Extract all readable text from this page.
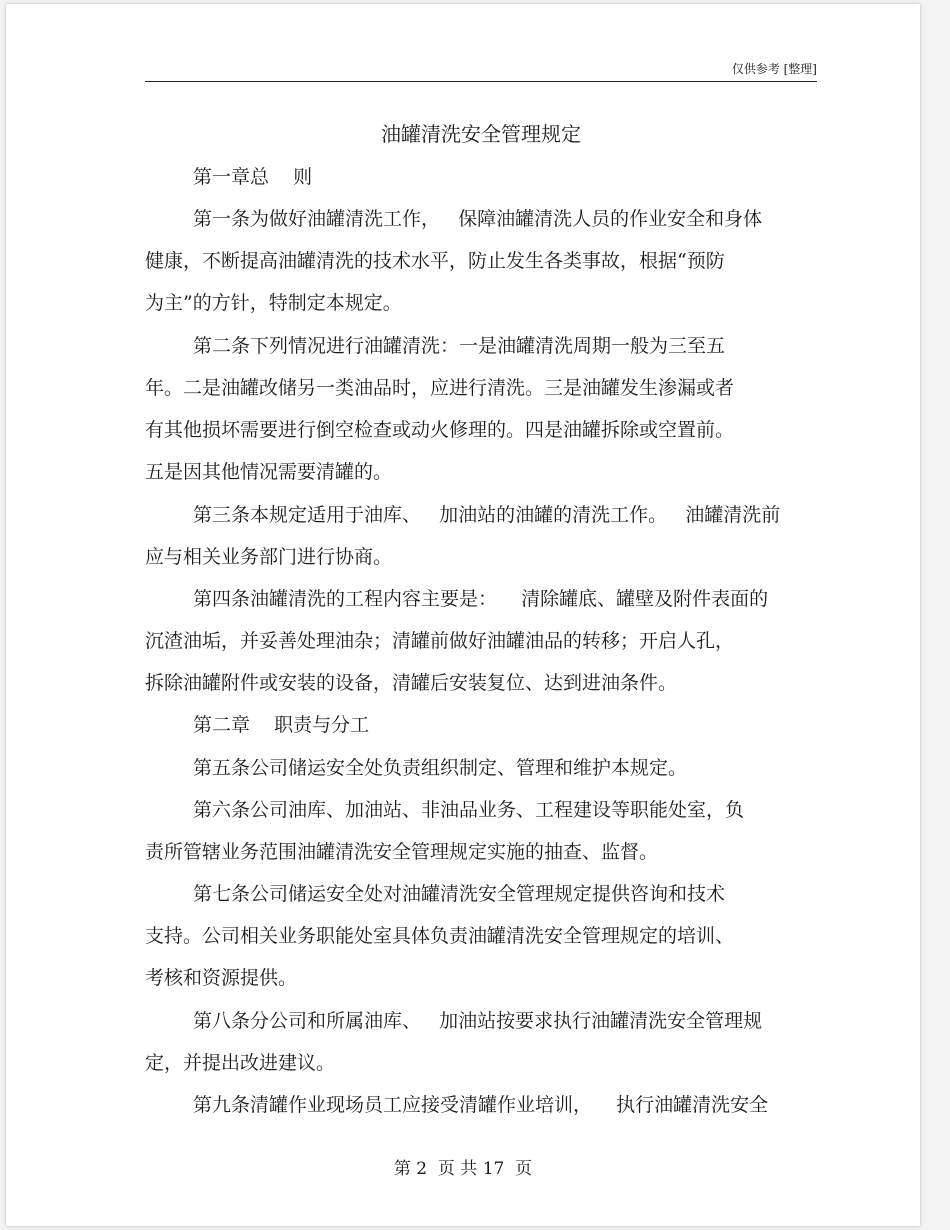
仅供参考 [整理]
油罐清洗安全管理规定
第一章总    则
第一条为做好油罐清洗工作，   保障油罐清洗人员的作业安全和身体
健康，不断提高油罐清洗的技术水平，防止发生各类事故，根据“预防
为主”的方针，特制定本规定。
第二条下列情况进行油罐清洗：一是油罐清洗周期一般为三至五
年。二是油罐改储另一类油品时，应进行清洗。三是油罐发生渗漏或者
有其他损坏需要进行倒空检查或动火修理的。四是油罐拆除或空置前。
五是因其他情况需要清罐的。
第三条本规定适用于油库、   加油站的油罐的清洗工作。   油罐清洗前
应与相关业务部门进行协商。
第四条油罐清洗的工程内容主要是：    清除罐底、罐壁及附件表面的
沉渣油垢，并妥善处理油杂；清罐前做好油罐油品的转移；开启人孔，
拆除油罐附件或安装的设备，清罐后安装复位、达到进油条件。
第二章    职责与分工
第五条公司储运安全处负责组织制定、管理和维护本规定。
第六条公司油库、加油站、非油品业务、工程建设等职能处室，负
责所管辖业务范围油罐清洗安全管理规定实施的抽查、监督。
第七条公司储运安全处对油罐清洗安全管理规定提供咨询和技术
支持。公司相关业务职能处室具体负责油罐清洗安全管理规定的培训、
考核和资源提供。
第八条分公司和所属油库、   加油站按要求执行油罐清洗安全管理规
定，并提出改进建议。
第九条清罐作业现场员工应接受清罐作业培训，    执行油罐清洗安全
第 2  页 共 17  页
